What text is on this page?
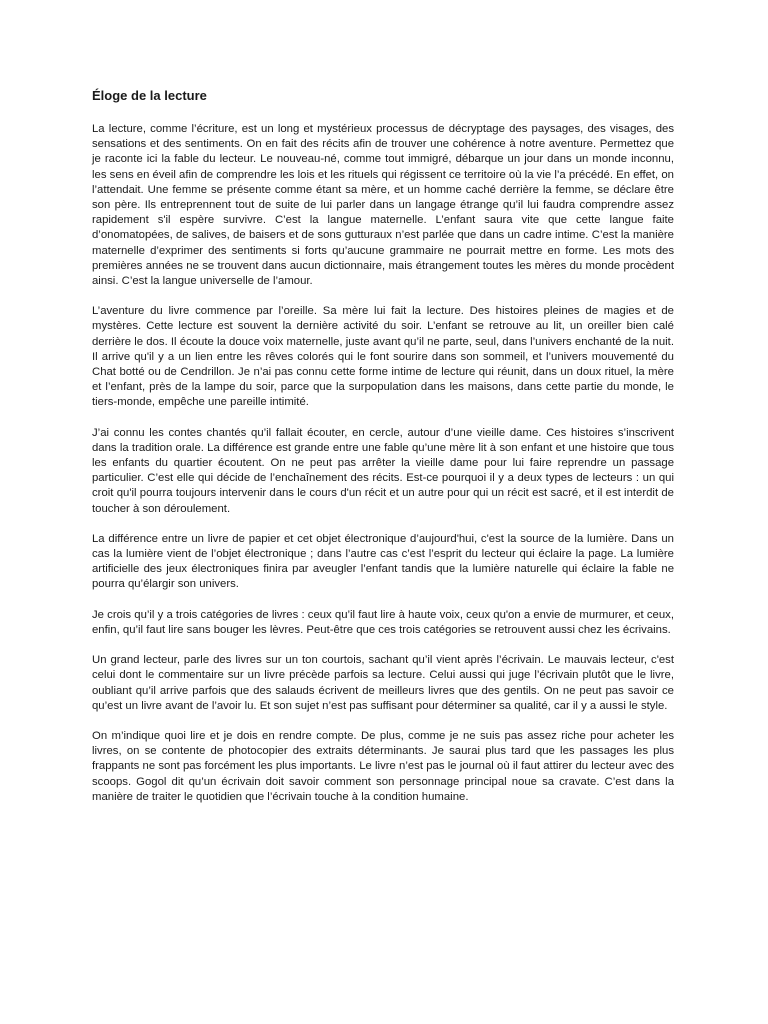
Éloge de la lecture

La lecture, comme l’écriture, est un long et mystérieux processus de décryptage des paysages, des visages, des sensations et des sentiments. On en fait des récits afin de trouver une cohérence à notre aventure. Permettez que je raconte ici la fable du lecteur. Le nouveau-né, comme tout immigré, débarque un jour dans un monde inconnu, les sens en éveil afin de comprendre les lois et les rituels qui régissent ce territoire où la vie l’a précédé. En effet, on l’attendait. Une femme se présente comme étant sa mère, et un homme caché derrière la femme, se déclare être son père. Ils entreprennent tout de suite de lui parler dans un langage étrange qu’il lui faudra comprendre assez rapidement s'il espère survivre. C’est la langue maternelle. L’enfant saura vite que cette langue faite d’onomatopées, de salives, de baisers et de sons gutturaux n’est parlée que dans un cadre intime. C’est la manière maternelle d’exprimer des sentiments si forts qu’aucune grammaire ne pourrait mettre en forme. Les mots des premières années ne se trouvent dans aucun dictionnaire, mais étrangement toutes les mères du monde procèdent ainsi. C’est la langue universelle de l’amour.

L’aventure du livre commence par l’oreille. Sa mère lui fait la lecture. Des histoires pleines de magies et de mystères. Cette lecture est souvent la dernière activité du soir. L’enfant se retrouve au lit, un oreiller bien calé derrière le dos. Il écoute la douce voix maternelle, juste avant qu’il ne parte, seul, dans l’univers enchanté de la nuit. Il arrive qu'il y a un lien entre les rêves colorés qui le font sourire dans son sommeil, et l’univers mouvementé du Chat botté ou de Cendrillon. Je n’ai pas connu cette forme intime de lecture qui réunit, dans un doux rituel, la mère et l’enfant, près de la lampe du soir, parce que la surpopulation dans les maisons, dans cette partie du monde, le tiers-monde, empêche une pareille intimité.

J’ai connu les contes chantés qu’il fallait écouter, en cercle, autour d’une vieille dame. Ces histoires s’inscrivent dans la tradition orale. La différence est grande entre une fable qu’une mère lit à son enfant et une histoire que tous les enfants du quartier écoutent. On ne peut pas arrêter la vieille dame pour lui faire reprendre un passage particulier. C’est elle qui décide de l’enchaînement des récits. Est-ce pourquoi il y a deux types de lecteurs : un qui croit qu'il pourra toujours intervenir dans le cours d'un récit et un autre pour qui un récit est sacré, et il est interdit de toucher à son déroulement.

La différence entre un livre de papier et cet objet électronique d’aujourd'hui, c'est la source de la lumière. Dans un cas la lumière vient de l’objet électronique ; dans l’autre cas c’est l’esprit du lecteur qui éclaire la page. La lumière artificielle des jeux électroniques finira par aveugler l’enfant tandis que la lumière naturelle qui éclaire la fable ne pourra qu’élargir son univers.

Je crois qu’il y a trois catégories de livres : ceux qu’il faut lire à haute voix, ceux qu'on a envie de murmurer, et ceux, enfin, qu’il faut lire sans bouger les lèvres. Peut-être que ces trois catégories se retrouvent aussi chez les écrivains.

Un grand lecteur, parle des livres sur un ton courtois, sachant qu’il vient après l’écrivain. Le mauvais lecteur, c'est celui dont le commentaire sur un livre précède parfois sa lecture. Celui aussi qui juge l’écrivain plutôt que le livre, oubliant qu’il arrive parfois que des salauds écrivent de meilleurs livres que des gentils. On ne peut pas savoir ce qu’est un livre avant de l’avoir lu. Et son sujet n’est pas suffisant pour déterminer sa qualité, car il y a aussi le style.

On m’indique quoi lire et je dois en rendre compte. De plus, comme je ne suis pas assez riche pour acheter les livres, on se contente de photocopier des extraits déterminants. Je saurai plus tard que les passages les plus frappants ne sont pas forcément les plus importants. Le livre n’est pas le journal où il faut attirer du lecteur avec des scoops. Gogol dit qu’un écrivain doit savoir comment son personnage principal noue sa cravate. C’est dans la manière de traiter le quotidien que l’écrivain touche à la condition humaine.
